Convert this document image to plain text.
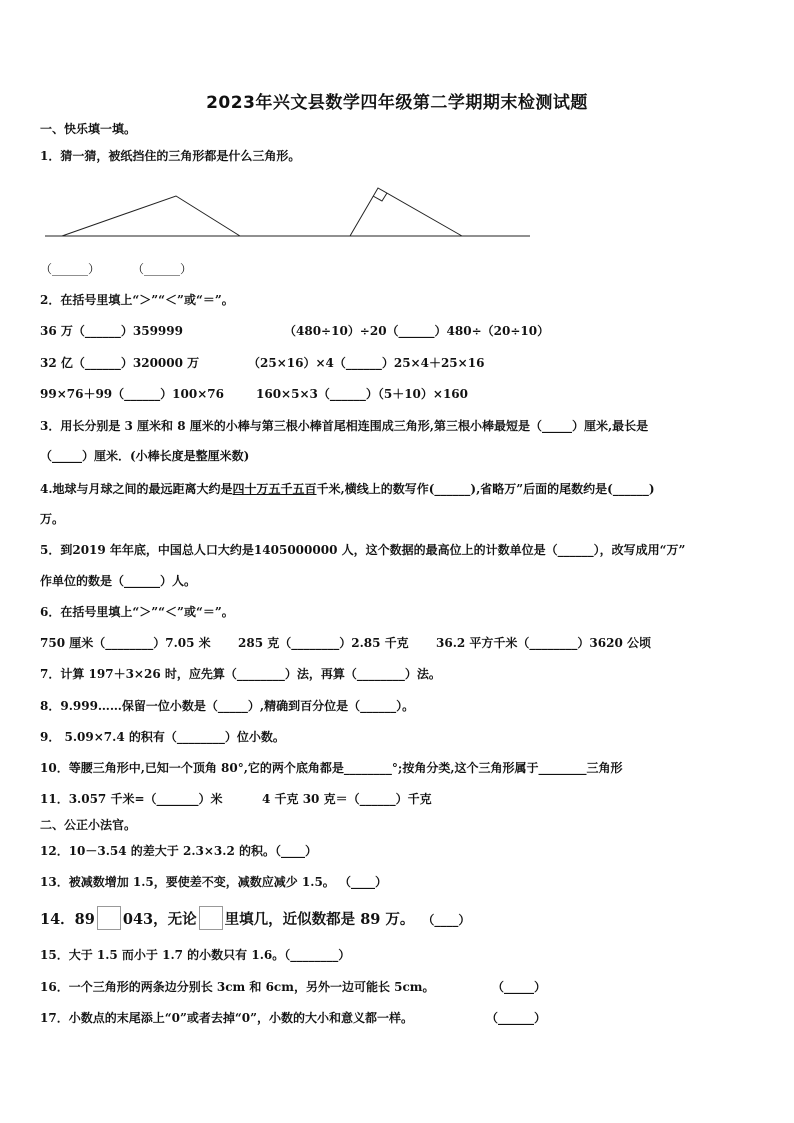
2023年兴文县数学四年级第二学期期末检测试题
一、快乐填一填。
1．猜一猜，被纸挡住的三角形都是什么三角形。
（______）	（______）
2．在括号里填上“＞”“＜”或“＝”。
36 万（______）359999	（480÷10）÷20（______）480÷（20÷10）
32 亿（______）320000 万	（25×16）×4（______）25×4＋25×16
99×76＋99（______）100×76	160×5×3（______）（5＋10）×160
3．用长分别是 3 厘米和 8 厘米的小棒与第三根小棒首尾相连围成三角形,第三根小棒最短是（_____）厘米,最长是
（_____）厘米．(小棒长度是整厘米数)
4.地球与月球之间的最远距离大约是四十万五千五百千米,横线上的数写作(______),省略万”后面的尾数约是(______)
万。
5．到2019 年年底，中国总人口大约是1405000000 人，这个数据的最高位上的计数单位是（______），改写成用“万”
作单位的数是（______）人。
6．在括号里填上“＞”“＜”或“＝”。
750 厘米（________）7.05 米 285 克（________）2.85 千克 36.2 平方千米（________）3620 公顷
7．计算 197＋3×26 时，应先算（________）法，再算（________）法。
8．9.999……保留一位小数是（_____）,精确到百分位是（______）。
9． 5.09×7.4 的积有（________）位小数。
10．等腰三角形中,已知一个顶角 80°,它的两个底角都是________°;按角分类,这个三角形属于________三角形
11．3.057 千米=（_______）米	4 千克 30 克＝（______）千克
二、公正小法官。
12．10－3.54 的差大于 2.3×3.2 的积。（____）
13．被减数增加 1.5，要使差不变，减数应减少 1.5。 （____）
14．89 043，无论 里填几，近似数都是 89 万。 （____）
15．大于 1.5 而小于 1.7 的小数只有 1.6。（________）
16．一个三角形的两条边分别长 3cm 和 6cm，另外一边可能长 5cm。	（_____）
17．小数点的末尾添上“0”或者去掉“0”，小数的大小和意义都一样。	（______）
